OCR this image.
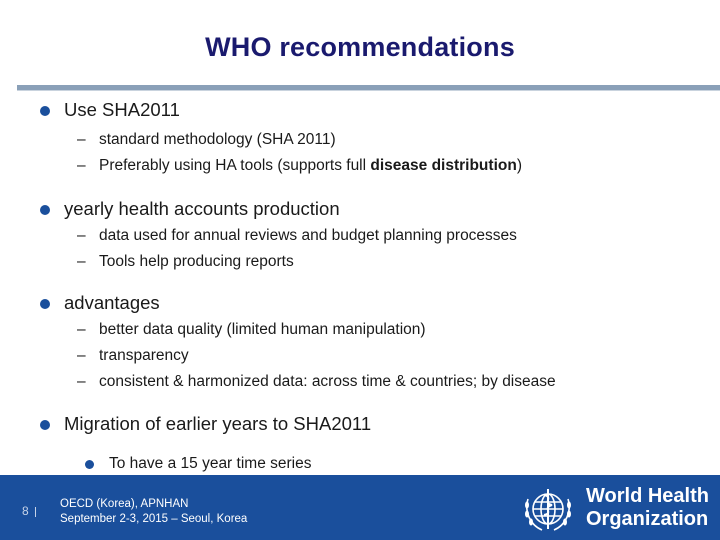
WHO recommendations
Use SHA2011
– standard methodology (SHA 2011)
– Preferably using HA tools (supports full disease distribution)
yearly health accounts production
– data used for annual reviews and budget planning processes
– Tools help producing reports
advantages
– better data quality (limited human manipulation)
– transparency
– consistent & harmonized data: across time & countries; by disease
Migration of earlier years to SHA2011
To have a 15 year time series
8	OECD (Korea), APNHAN
September 2-3, 2015 – Seoul, Korea
World Health
Organization
